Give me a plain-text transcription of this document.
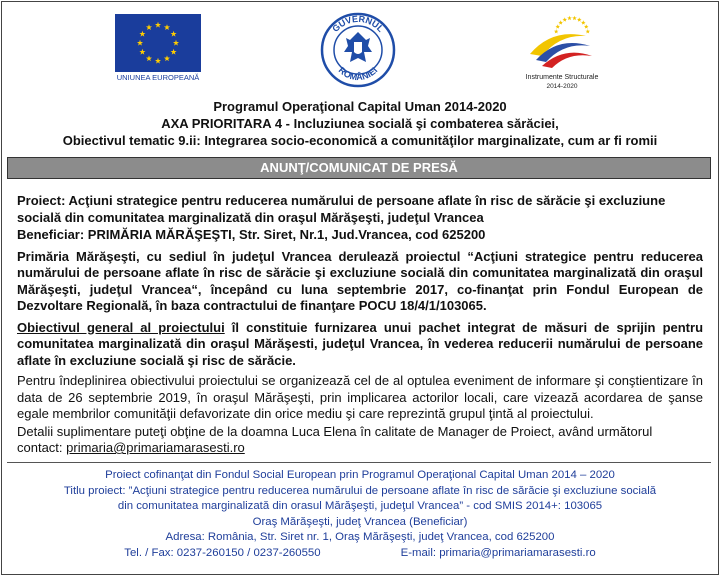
UNIUNEA EUROPEANĂ
GUVERNUL
ROMÂNIEI
Instrumente Structurale
2014-2020
Programul Operaţional Capital Uman 2014-2020
AXA PRIORITARA 4 - Incluziunea socială şi combaterea sărăciei,
Obiectivul tematic 9.ii: Integrarea socio-economică a comunităţilor marginalizate, cum ar fi romii
ANUNŢ/COMUNICAT DE PRESĂ

Proiect: Acţiuni strategice pentru reducerea numărului de persoane aflate în risc de sărăcie şi excluziune socială din comunitatea marginalizată din oraşul Mărăşeşti, judeţul Vrancea

Beneficiar: PRIMĂRIA MĂRĂŞEŞTI, Str. Siret, Nr.1, Jud.Vrancea, cod 625200

Primăria Mărăşeşti, cu sediul în judeţul Vrancea derulează proiectul “Acţiuni strategice pentru reducerea numărului de persoane aflate în risc de sărăcie şi excluziune socială din comunitatea marginalizată din oraşul Mărăşeşti, judeţul Vrancea“, începând cu luna septembrie 2017, co-finanţat prin Fondul European de Dezvoltare Regională, în baza contractului de finanţare POCU 18/4/1/103065.

Obiectivul general al proiectului îl constituie furnizarea unui pachet integrat de măsuri de sprijin pentru comunitatea marginalizată din oraşul Mărăşesti, judeţul Vrancea, în vederea reducerii numărului de persoane aflate în excluziune socială şi risc de sărăcie.

Pentru îndeplinirea obiectivului proiectului se organizează cel de al optulea eveniment de informare şi conştientizare în data de 26 septembrie 2019, în oraşul Mărăşeşti, prin implicarea actorilor locali, care vizează acordarea de şanse egale membrilor comunităţii defavorizate din orice mediu şi care reprezintă grupul ţintă al proiectului.

Detalii suplimentare puteţi obţine de la doamna Luca Elena în calitate de Manager de Proiect, având următorul
contact: primaria@primariamarasesti.ro

Proiect cofinanţat din Fondul Social European prin Programul Operaţional Capital Uman 2014 – 2020
Titlu proiect: ”Acţiuni strategice pentru reducerea numărului de persoane aflate în risc de sărăcie şi excluziune socială
din comunitatea marginalizată din orasul Mărăşeşti, judeţul Vrancea” - cod SMIS 2014+: 103065
Oraş Mărăşeşti, judeţ Vrancea (Beneficiar)
Adresa: România, Str. Siret nr. 1, Oraş Mărăşeşti, judeţ Vrancea, cod 625200
Tel. / Fax: 0237-260150 / 0237-260550	E-mail: primaria@primariamarasesti.ro
